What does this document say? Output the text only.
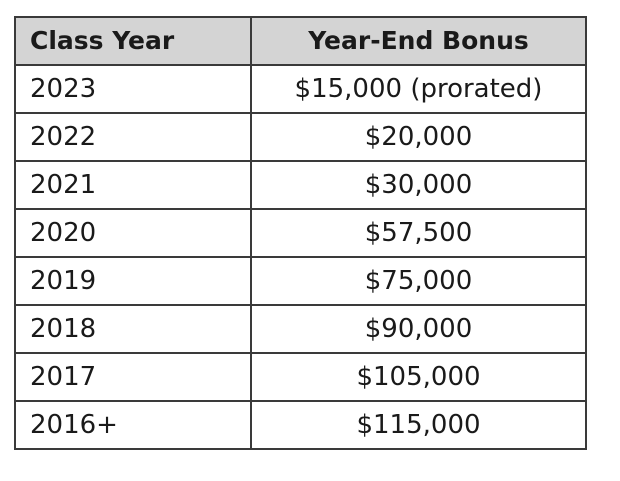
Class Year	Year-End Bonus
2023	$15,000 (prorated)
2022	$20,000
2021	$30,000
2020	$57,500
2019	$75,000
2018	$90,000
2017	$105,000
2016+	$115,000
